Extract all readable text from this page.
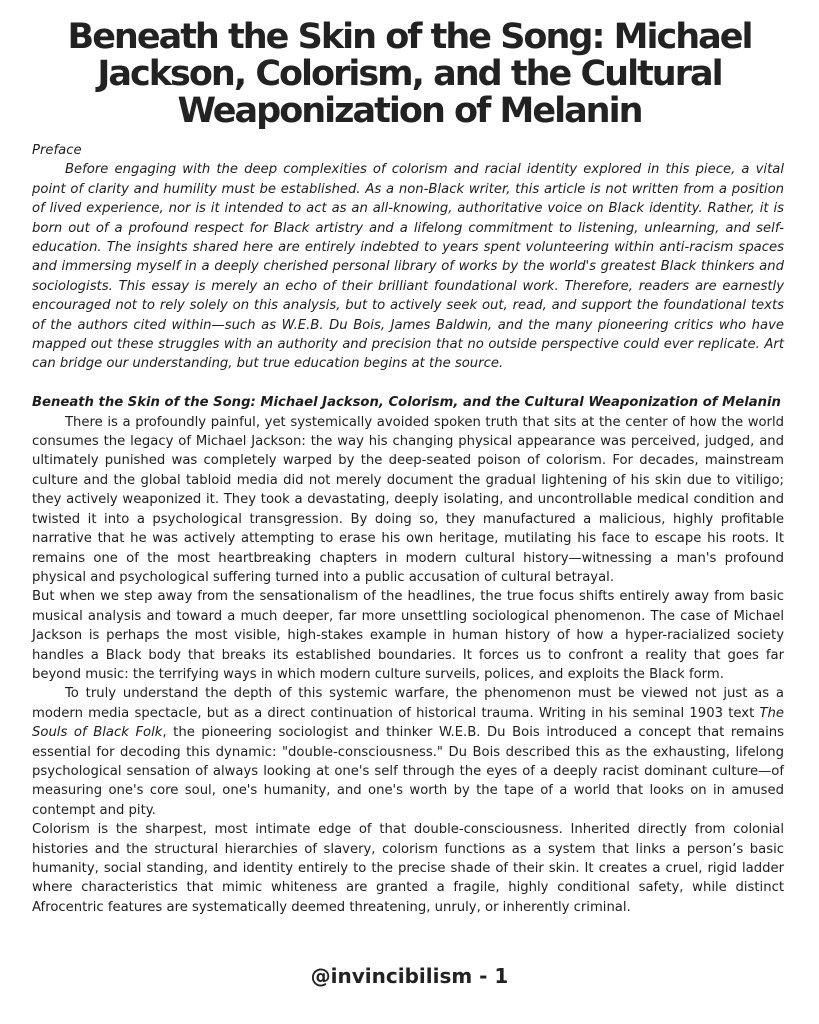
Beneath the Skin of the Song: Michael Jackson, Colorism, and the Cultural Weaponization of Melanin

Preface

Before engaging with the deep complexities of colorism and racial identity explored in this piece, a vital point of clarity and humility must be established. As a non-Black writer, this article is not written from a position of lived experience, nor is it intended to act as an all-knowing, authoritative voice on Black identity. Rather, it is born out of a profound respect for Black artistry and a lifelong commitment to listening, unlearning, and self-education. The insights shared here are entirely indebted to years spent volunteering within anti-racism spaces and immersing myself in a deeply cherished personal library of works by the world's greatest Black thinkers and sociologists. This essay is merely an echo of their brilliant foundational work. Therefore, readers are earnestly encouraged not to rely solely on this analysis, but to actively seek out, read, and support the foundational texts of the authors cited within—such as W.E.B. Du Bois, James Baldwin, and the many pioneering critics who have mapped out these struggles with an authority and precision that no outside perspective could ever replicate. Art can bridge our understanding, but true education begins at the source.

Beneath the Skin of the Song: Michael Jackson, Colorism, and the Cultural Weaponization of Melanin

There is a profoundly painful, yet systemically avoided spoken truth that sits at the center of how the world consumes the legacy of Michael Jackson: the way his changing physical appearance was perceived, judged, and ultimately punished was completely warped by the deep-seated poison of colorism. For decades, mainstream culture and the global tabloid media did not merely document the gradual lightening of his skin due to vitiligo; they actively weaponized it. They took a devastating, deeply isolating, and uncontrollable medical condition and twisted it into a psychological transgression. By doing so, they manufactured a malicious, highly profitable narrative that he was actively attempting to erase his own heritage, mutilating his face to escape his roots. It remains one of the most heartbreaking chapters in modern cultural history—witnessing a man's profound physical and psychological suffering turned into a public accusation of cultural betrayal.

But when we step away from the sensationalism of the headlines, the true focus shifts entirely away from basic musical analysis and toward a much deeper, far more unsettling sociological phenomenon. The case of Michael Jackson is perhaps the most visible, high-stakes example in human history of how a hyper-racialized society handles a Black body that breaks its established boundaries. It forces us to confront a reality that goes far beyond music: the terrifying ways in which modern culture surveils, polices, and exploits the Black form.

To truly understand the depth of this systemic warfare, the phenomenon must be viewed not just as a modern media spectacle, but as a direct continuation of historical trauma. Writing in his seminal 1903 text The Souls of Black Folk, the pioneering sociologist and thinker W.E.B. Du Bois introduced a concept that remains essential for decoding this dynamic: "double-consciousness." Du Bois described this as the exhausting, lifelong psychological sensation of always looking at one's self through the eyes of a deeply racist dominant culture—of measuring one's core soul, one's humanity, and one's worth by the tape of a world that looks on in amused contempt and pity.

Colorism is the sharpest, most intimate edge of that double-consciousness. Inherited directly from colonial histories and the structural hierarchies of slavery, colorism functions as a system that links a person’s basic humanity, social standing, and identity entirely to the precise shade of their skin. It creates a cruel, rigid ladder where characteristics that mimic whiteness are granted a fragile, highly conditional safety, while distinct Afrocentric features are systematically deemed threatening, unruly, or inherently criminal.

@invincibilism - 1
